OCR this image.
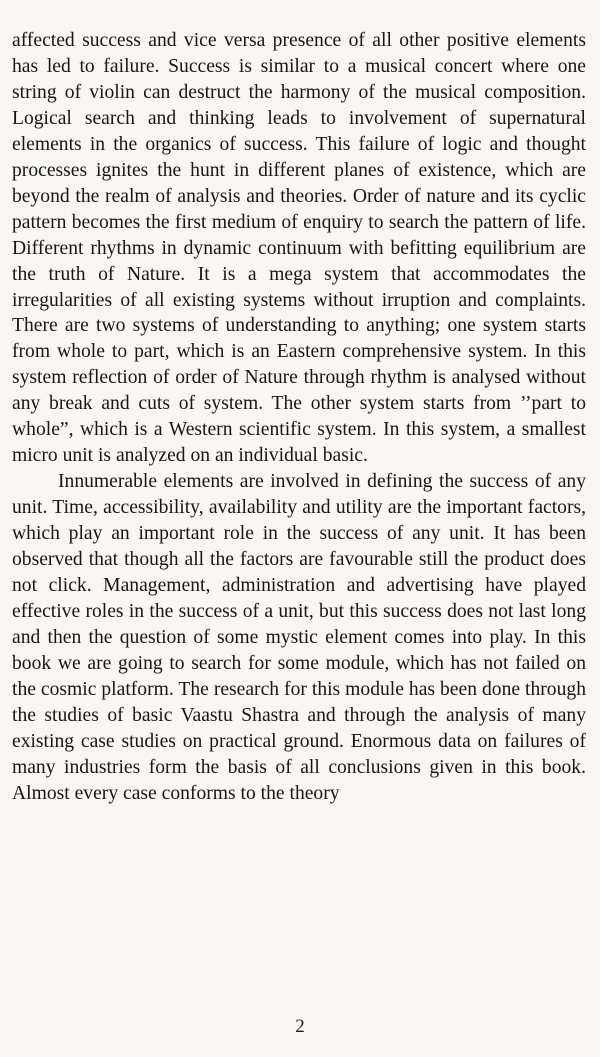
affected success and vice versa presence of all other positive elements has led to failure. Success is similar to a musical concert where one string of violin can destruct the harmony of the musical composition. Logical search and thinking leads to involvement of supernatural elements in the organics of success. This failure of logic and thought processes ignites the hunt in different planes of existence, which are beyond the realm of analysis and theories. Order of nature and its cyclic pattern becomes the first medium of enquiry to search the pattern of life. Different rhythms in dynamic continuum with befitting equilibrium are the truth of Nature. It is a mega system that accommodates the irregularities of all existing systems without irruption and complaints. There are two systems of understanding to anything; one system starts from whole to part, which is an Eastern comprehensive system. In this system reflection of order of Nature through rhythm is analysed without any break and cuts of system. The other system starts from ’’part to whole”, which is a Western scientific system. In this system, a smallest micro unit is analyzed on an individual basic.

Innumerable elements are involved in defining the success of any unit. Time, accessibility, availability and utility are the important factors, which play an important role in the success of any unit. It has been observed that though all the factors are favourable still the product does not click. Management, administration and advertising have played effective roles in the success of a unit, but this success does not last long and then the question of some mystic element comes into play. In this book we are going to search for some module, which has not failed on the cosmic platform. The research for this module has been done through the studies of basic Vaastu Shastra and through the analysis of many existing case studies on practical ground. Enormous data on failures of many industries form the basis of all conclusions given in this book. Almost every case conforms to the theory

2
